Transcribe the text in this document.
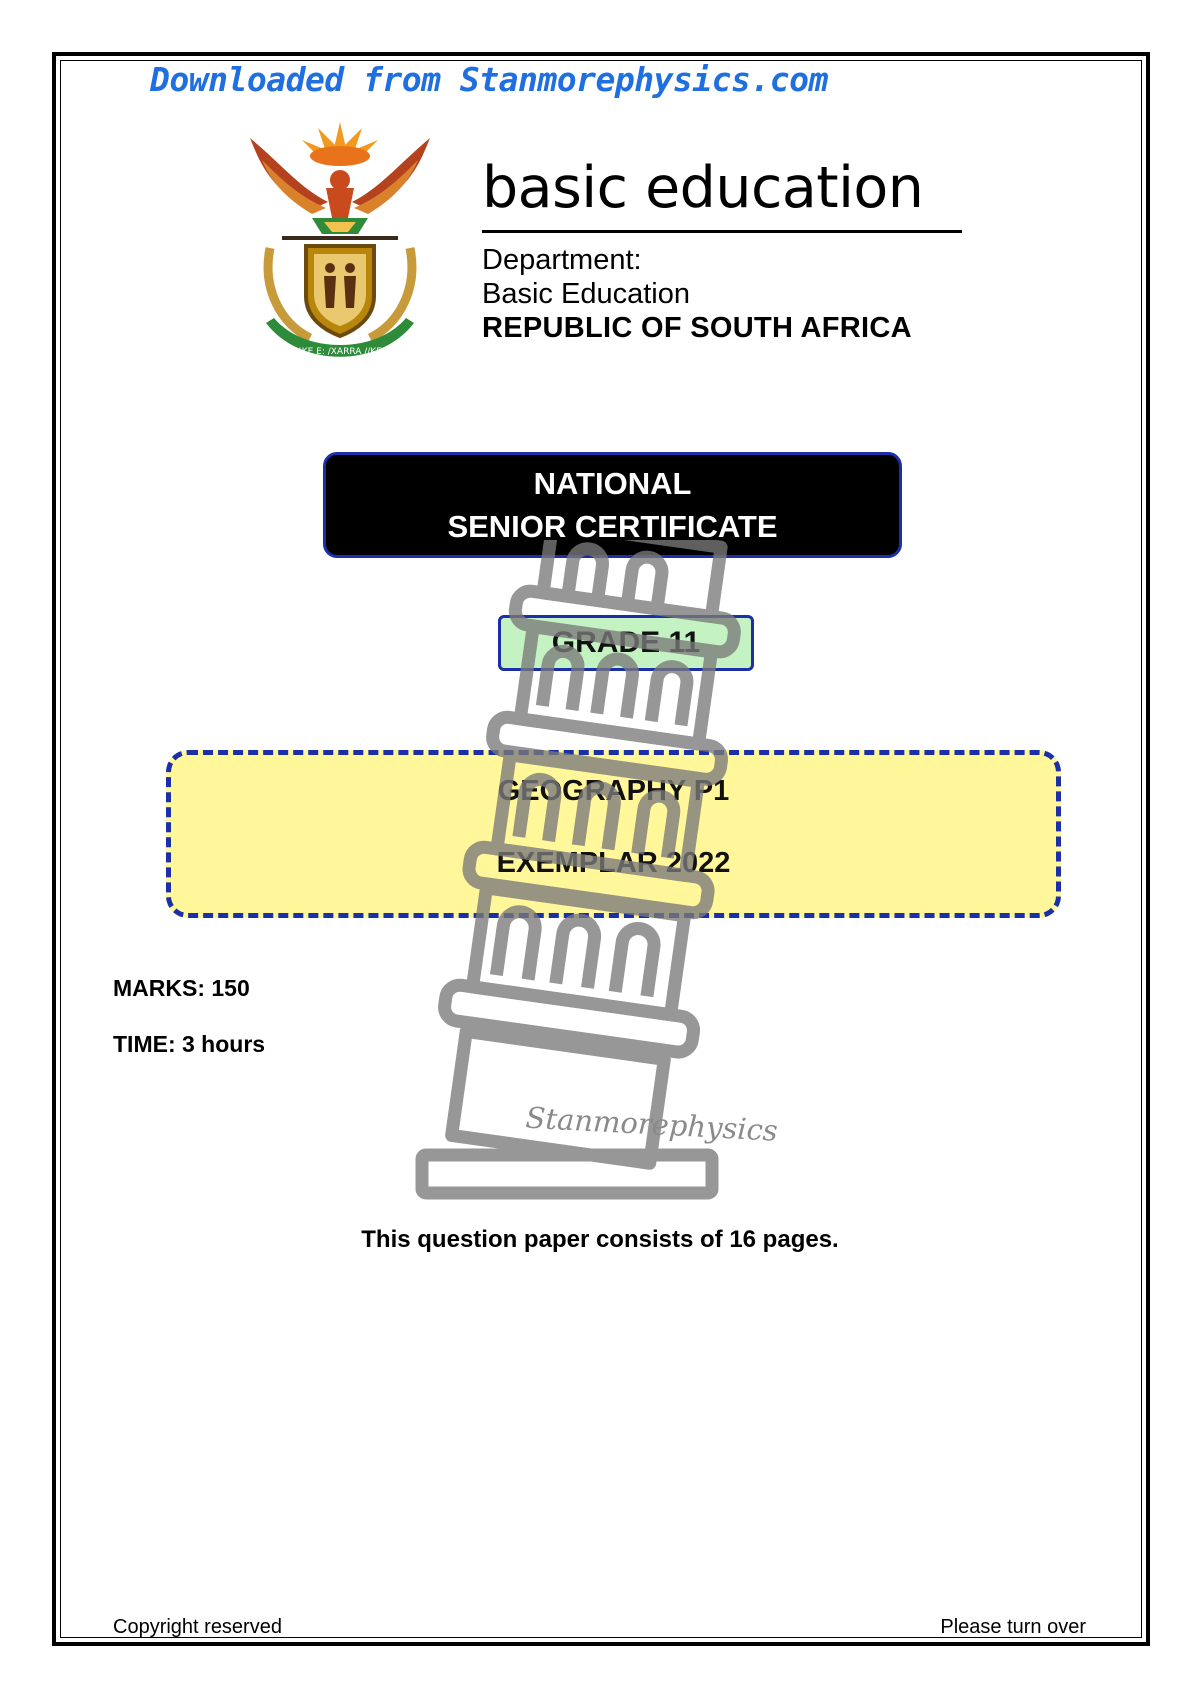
Downloaded from Stanmorephysics.com
!KE E: /XARRA //KE
basic education
Department:
Basic Education
REPUBLIC OF SOUTH AFRICA
NATIONAL
SENIOR CERTIFICATE
GRADE 11
GEOGRAPHY P1
EXEMPLAR 2022
MARKS: 150
TIME: 3 hours
Stanmorephysics
This question paper consists of 16 pages.
Copyright reserved	Please turn over
